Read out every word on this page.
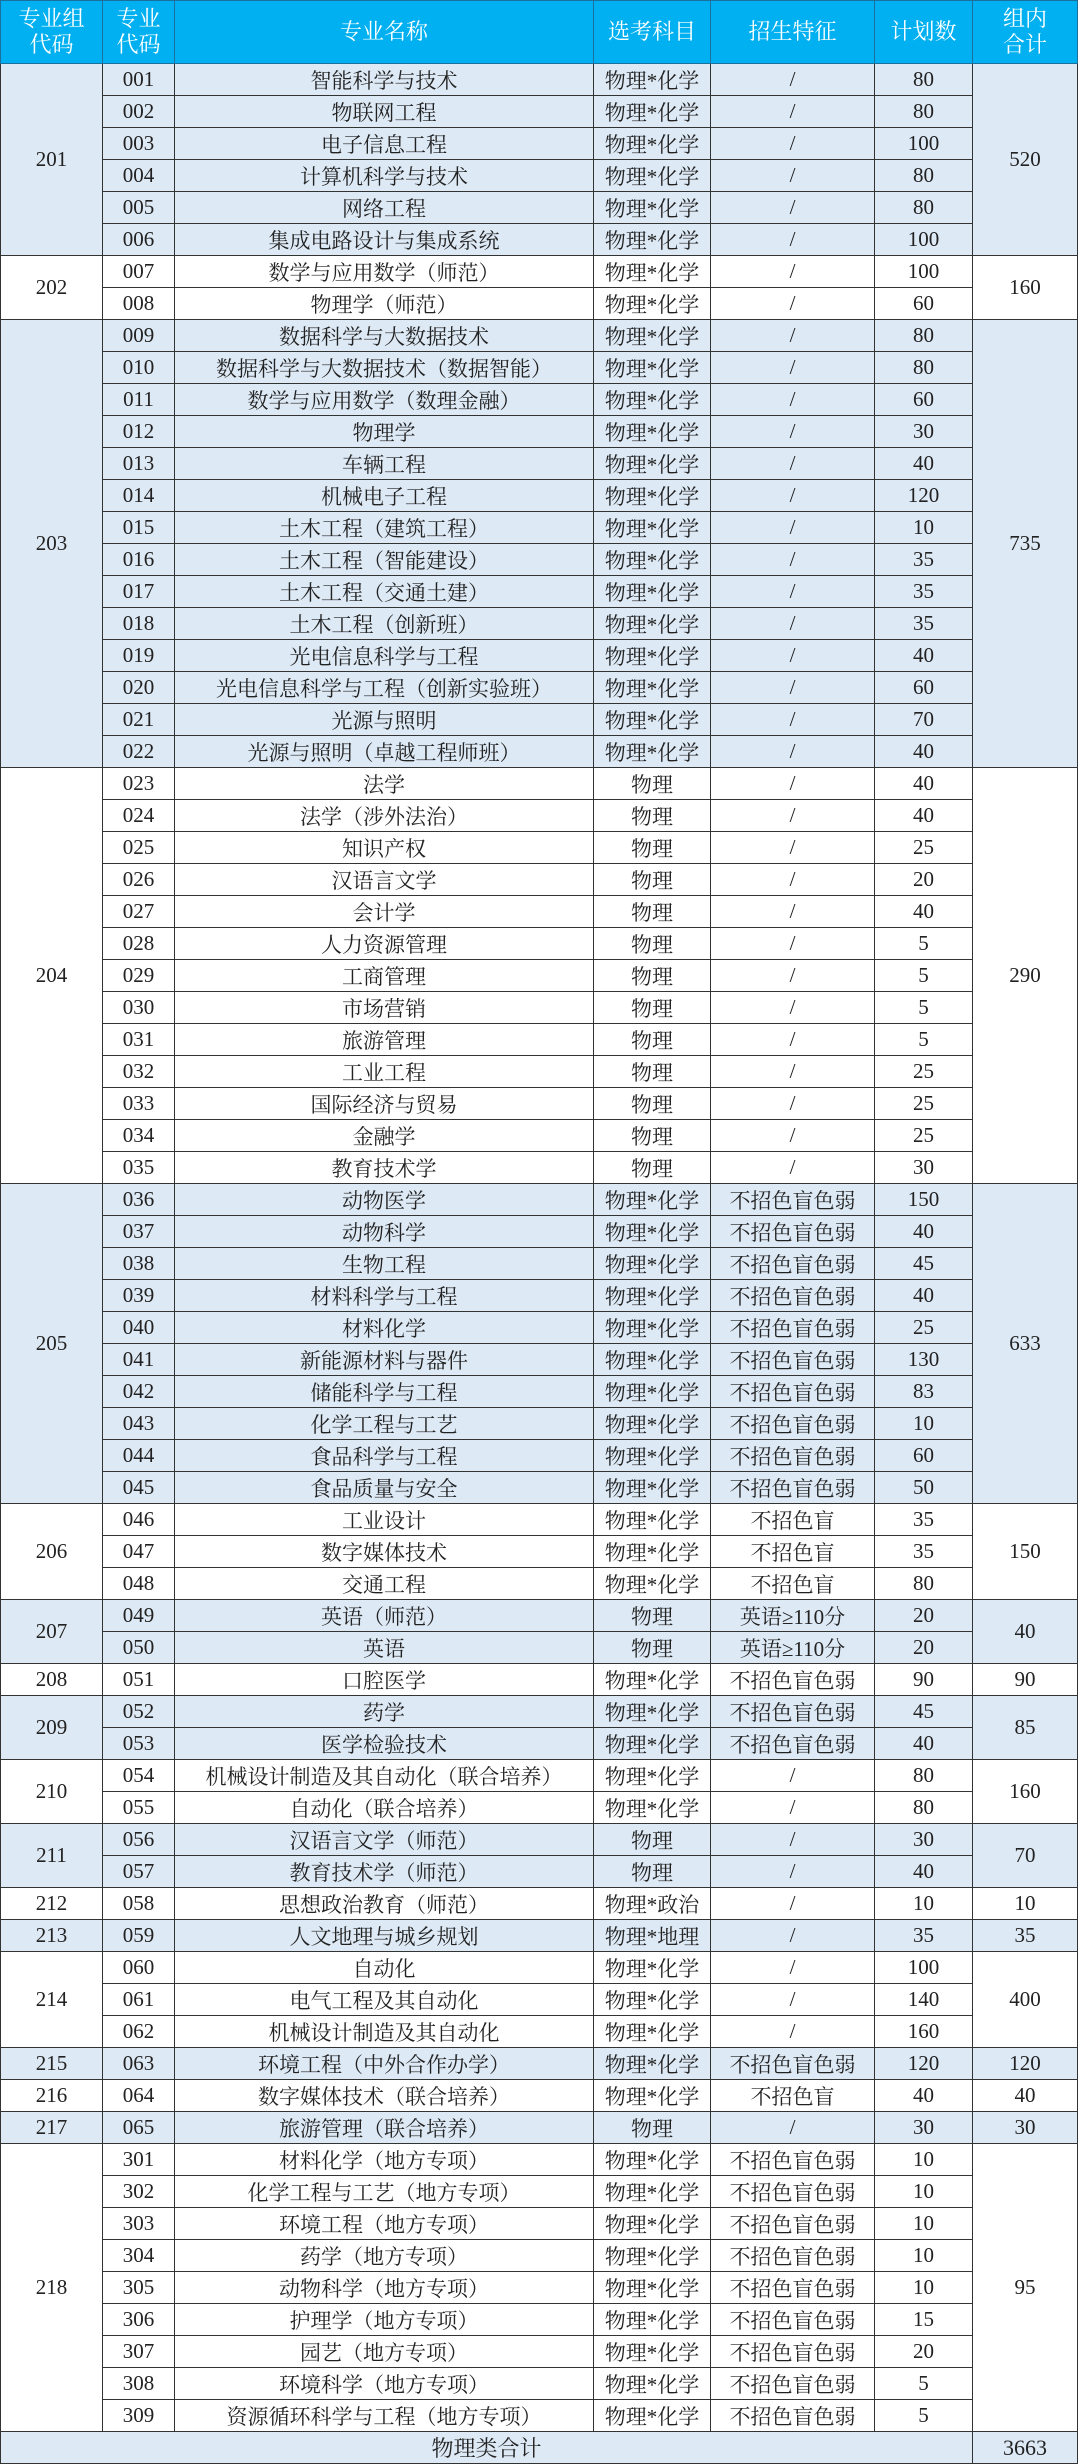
专业组代码	专业代码	专业名称	选考科目	招生特征	计划数	组内合计
201	001	智能科学与技术	物理*化学	/	80	520
	002	物联网工程	物理*化学	/	80	
	003	电子信息工程	物理*化学	/	100	
	004	计算机科学与技术	物理*化学	/	80	
	005	网络工程	物理*化学	/	80	
	006	集成电路设计与集成系统	物理*化学	/	100	
202	007	数学与应用数学（师范）	物理*化学	/	100	160
	008	物理学（师范）	物理*化学	/	60	
203	009	数据科学与大数据技术	物理*化学	/	80	735
	010	数据科学与大数据技术（数据智能）	物理*化学	/	80	
	011	数学与应用数学（数理金融）	物理*化学	/	60	
	012	物理学	物理*化学	/	30	
	013	车辆工程	物理*化学	/	40	
	014	机械电子工程	物理*化学	/	120	
	015	土木工程（建筑工程）	物理*化学	/	10	
	016	土木工程（智能建设）	物理*化学	/	35	
	017	土木工程（交通土建）	物理*化学	/	35	
	018	土木工程（创新班）	物理*化学	/	35	
	019	光电信息科学与工程	物理*化学	/	40	
	020	光电信息科学与工程（创新实验班）	物理*化学	/	60	
	021	光源与照明	物理*化学	/	70	
	022	光源与照明（卓越工程师班）	物理*化学	/	40	
204	023	法学	物理	/	40	290
	024	法学（涉外法治）	物理	/	40	
	025	知识产权	物理	/	25	
	026	汉语言文学	物理	/	20	
	027	会计学	物理	/	40	
	028	人力资源管理	物理	/	5	
	029	工商管理	物理	/	5	
	030	市场营销	物理	/	5	
	031	旅游管理	物理	/	5	
	032	工业工程	物理	/	25	
	033	国际经济与贸易	物理	/	25	
	034	金融学	物理	/	25	
	035	教育技术学	物理	/	30	
205	036	动物医学	物理*化学	不招色盲色弱	150	633
	037	动物科学	物理*化学	不招色盲色弱	40	
	038	生物工程	物理*化学	不招色盲色弱	45	
	039	材料科学与工程	物理*化学	不招色盲色弱	40	
	040	材料化学	物理*化学	不招色盲色弱	25	
	041	新能源材料与器件	物理*化学	不招色盲色弱	130	
	042	储能科学与工程	物理*化学	不招色盲色弱	83	
	043	化学工程与工艺	物理*化学	不招色盲色弱	10	
	044	食品科学与工程	物理*化学	不招色盲色弱	60	
	045	食品质量与安全	物理*化学	不招色盲色弱	50	
206	046	工业设计	物理*化学	不招色盲	35	150
	047	数字媒体技术	物理*化学	不招色盲	35	
	048	交通工程	物理*化学	不招色盲	80	
207	049	英语（师范）	物理	英语≥110分	20	40
	050	英语	物理	英语≥110分	20	
208	051	口腔医学	物理*化学	不招色盲色弱	90	90
209	052	药学	物理*化学	不招色盲色弱	45	85
	053	医学检验技术	物理*化学	不招色盲色弱	40	
210	054	机械设计制造及其自动化（联合培养）	物理*化学	/	80	160
	055	自动化（联合培养）	物理*化学	/	80	
211	056	汉语言文学（师范）	物理	/	30	70
	057	教育技术学（师范）	物理	/	40	
212	058	思想政治教育（师范）	物理*政治	/	10	10
213	059	人文地理与城乡规划	物理*地理	/	35	35
214	060	自动化	物理*化学	/	100	400
	061	电气工程及其自动化	物理*化学	/	140	
	062	机械设计制造及其自动化	物理*化学	/	160	
215	063	环境工程（中外合作办学）	物理*化学	不招色盲色弱	120	120
216	064	数字媒体技术（联合培养）	物理*化学	不招色盲	40	40
217	065	旅游管理（联合培养）	物理	/	30	30
218	301	材料化学（地方专项）	物理*化学	不招色盲色弱	10	95
	302	化学工程与工艺（地方专项）	物理*化学	不招色盲色弱	10	
	303	环境工程（地方专项）	物理*化学	不招色盲色弱	10	
	304	药学（地方专项）	物理*化学	不招色盲色弱	10	
	305	动物科学（地方专项）	物理*化学	不招色盲色弱	10	
	306	护理学（地方专项）	物理*化学	不招色盲色弱	15	
	307	园艺（地方专项）	物理*化学	不招色盲色弱	20	
	308	环境科学（地方专项）	物理*化学	不招色盲色弱	5	
	309	资源循环科学与工程（地方专项）	物理*化学	不招色盲色弱	5	
物理类合计						3663
